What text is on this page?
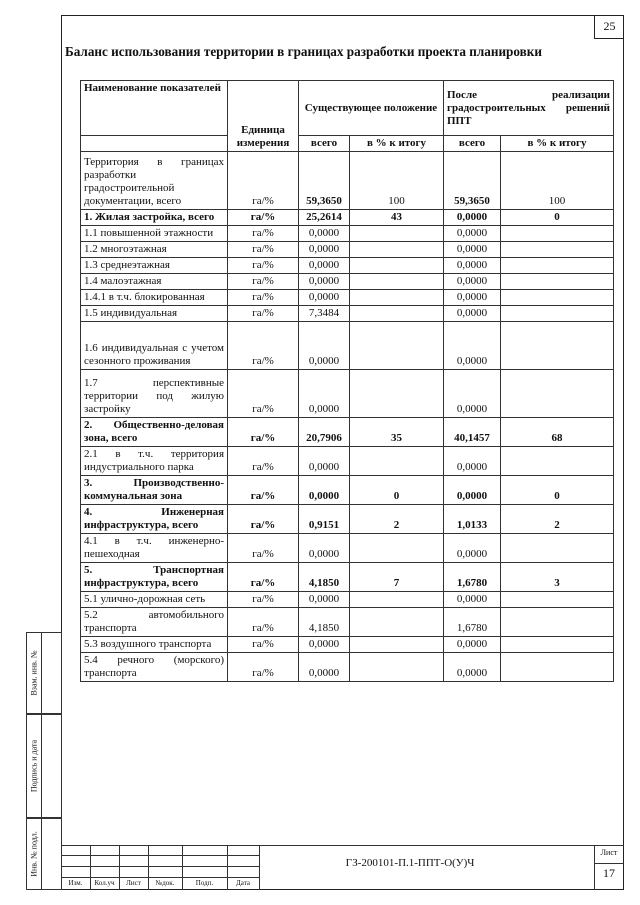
25
Баланс использования территории в границах разработки проекта планировки
Наименование показателей	Единица измерения	Существующее положение		После реализации градостроительных решений ППТ	

		всего	в % к итогу	всего	в % к итогу
Территория в границах разработки градостроительной документации, всего	га/%	59,3650	100	59,3650	100
1. Жилая застройка, всего	га/%	25,2614	43	0,0000	0
1.1 повышенной этажности	га/%	0,0000		0,0000	
1.2 многоэтажная	га/%	0,0000		0,0000	
1.3 среднеэтажная	га/%	0,0000		0,0000	
1.4 малоэтажная	га/%	0,0000		0,0000	
1.4.1 в т.ч. блокированная	га/%	0,0000		0,0000	
1.5 индивидуальная	га/%	7,3484		0,0000	
1.6 индивидуальная с учетом сезонного проживания	га/%	0,0000		0,0000	
1.7 перспективные территории под жилую застройку	га/%	0,0000		0,0000	
2. Общественно-деловая зона, всего	га/%	20,7906	35	40,1457	68
2.1 в т.ч. территория индустриального парка	га/%	0,0000		0,0000	
3. Производственно-коммунальная зона	га/%	0,0000	0	0,0000	0
4. Инженерная инфраструктура, всего	га/%	0,9151	2	1,0133	2
4.1 в т.ч. инженерно-пешеходная	га/%	0,0000		0,0000	
5. Транспортная инфраструктура, всего	га/%	4,1850	7	1,6780	3
5.1 улично-дорожная сеть	га/%	0,0000		0,0000	
5.2 автомобильного транспорта	га/%	4,1850		1,6780	
5.3 воздушного транспорта	га/%	0,0000		0,0000	
5.4 речного (морского) транспорта	га/%	0,0000		0,0000	
Изм.	Кол.уч	Лист	№док.	Подп.	Дата
ГЗ-200101-П.1-ППТ-О(У)Ч
Лист
17
Взам. инв. №
Подпись и дата
Инв. № подл.
